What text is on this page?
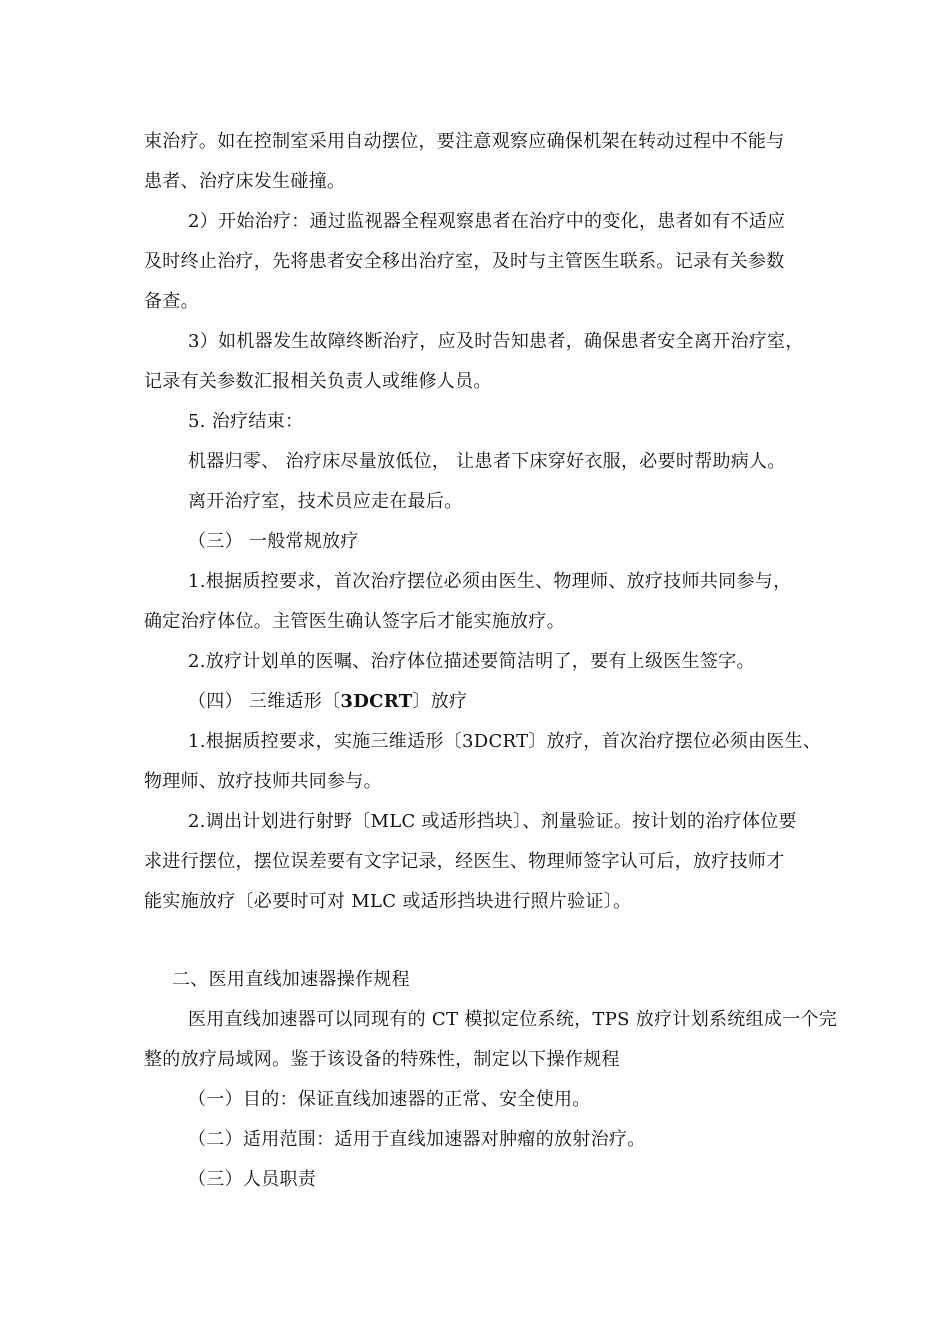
束治疗。如在控制室采用自动摆位，要注意观察应确保机架在转动过程中不能与
患者、治疗床发生碰撞。
2）开始治疗：通过监视器全程观察患者在治疗中的变化，患者如有不适应
及时终止治疗，先将患者安全移出治疗室，及时与主管医生联系。记录有关参数
备查。
3）如机器发生故障终断治疗，应及时告知患者，确保患者安全离开治疗室，
记录有关参数汇报相关负责人或维修人员。
5. 治疗结束：
机器归零、 治疗床尽量放低位， 让患者下床穿好衣服，必要时帮助病人。
离开治疗室，技术员应走在最后。
（三） 一般常规放疗
1.根据质控要求，首次治疗摆位必须由医生、物理师、放疗技师共同参与，
确定治疗体位。主管医生确认签字后才能实施放疗。
2.放疗计划单的医嘱、治疗体位描述要简洁明了，要有上级医生签字。
（四） 三维适形〔3DCRT〕放疗
1.根据质控要求，实施三维适形〔3DCRT〕放疗，首次治疗摆位必须由医生、
物理师、放疗技师共同参与。
2.调出计划进行射野〔MLC 或适形挡块〕、剂量验证。按计划的治疗体位要
求进行摆位，摆位误差要有文字记录，经医生、物理师签字认可后，放疗技师才
能实施放疗〔必要时可对 MLC 或适形挡块进行照片验证〕。
二、医用直线加速器操作规程
医用直线加速器可以同现有的 CT 模拟定位系统，TPS 放疗计划系统组成一个完
整的放疗局域网。鉴于该设备的特殊性，制定以下操作规程
（一）目的：保证直线加速器的正常、安全使用。
（二）适用范围：适用于直线加速器对肿瘤的放射治疗。
（三）人员职责
